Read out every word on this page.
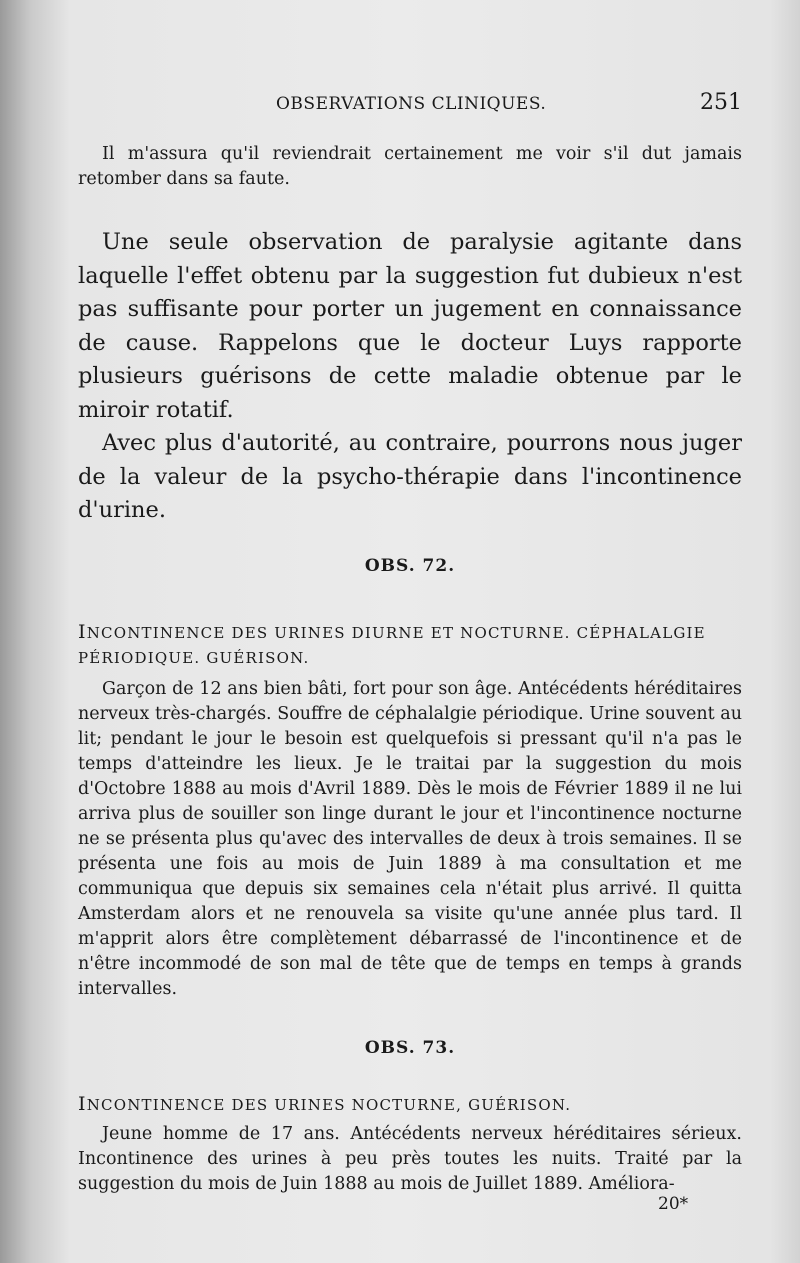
OBSERVATIONS CLINIQUES.	251

Il m'assura qu'il reviendrait certainement me voir s'il dut jamais retomber dans sa faute.

Une seule observation de paralysie agitante dans laquelle l'effet obtenu par la suggestion fut dubieux n'est pas suffisante pour porter un jugement en connaissance de cause. Rappelons que le docteur Luys rapporte plusieurs guérisons de cette maladie obtenue par le miroir rotatif.

Avec plus d'autorité, au contraire, pourrons nous juger de la valeur de la psycho-thérapie dans l'incontinence d'urine.

OBS. 72.

INCONTINENCE DES URINES DIURNE ET NOCTURNE. CÉPHALALGIE PÉRIODIQUE. GUÉRISON.

Garçon de 12 ans bien bâti, fort pour son âge. Antécédents héréditaires nerveux très-chargés. Souffre de céphalalgie périodique. Urine souvent au lit; pendant le jour le besoin est quelquefois si pressant qu'il n'a pas le temps d'atteindre les lieux. Je le traitai par la suggestion du mois d'Octobre 1888 au mois d'Avril 1889. Dès le mois de Février 1889 il ne lui arriva plus de souiller son linge durant le jour et l'incontinence nocturne ne se présenta plus qu'avec des intervalles de deux à trois semaines. Il se présenta une fois au mois de Juin 1889 à ma consultation et me communiqua que depuis six semaines cela n'était plus arrivé. Il quitta Amsterdam alors et ne renouvela sa visite qu'une année plus tard. Il m'apprit alors être complètement débarrassé de l'incontinence et de n'être incommodé de son mal de tête que de temps en temps à grands intervalles.

OBS. 73.

INCONTINENCE DES URINES NOCTURNE, GUÉRISON.

Jeune homme de 17 ans. Antécédents nerveux héréditaires sérieux. Incontinence des urines à peu près toutes les nuits. Traité par la suggestion du mois de Juin 1888 au mois de Juillet 1889. Améliora-

20*
